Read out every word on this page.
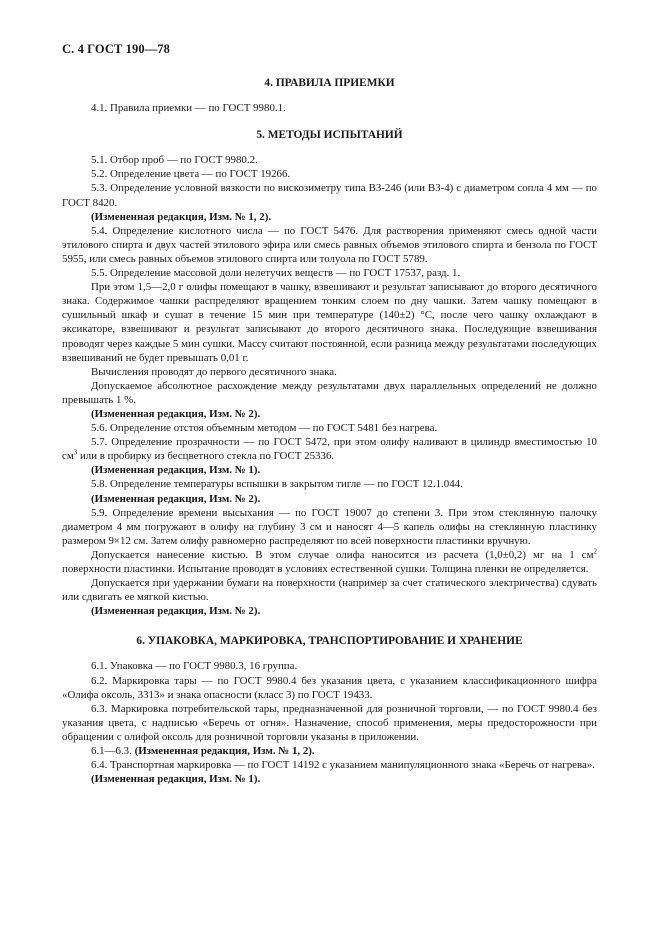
С. 4 ГОСТ 190—78

4. ПРАВИЛА ПРИЕМКИ

4.1. Правила приемки — по ГОСТ 9980.1.

5. МЕТОДЫ ИСПЫТАНИЙ

5.1. Отбор проб — по ГОСТ 9980.2.

5.2. Определение цвета — по ГОСТ 19266.

5.3. Определение условной вязкости по вискозиметру типа ВЗ-246 (или ВЗ-4) с диаметром сопла 4 мм — по ГОСТ 8420.

(Измененная редакция, Изм. № 1, 2).

5.4. Определение кислотного числа — по ГОСТ 5476. Для растворения применяют смесь одной части этилового спирта и двух частей этилового эфира или смесь равных объемов этилового спирта и бензола по ГОСТ 5955, или смесь равных объемов этилового спирта или толуола по ГОСТ 5789.

5.5. Определение массовой доли нелетучих веществ — по ГОСТ 17537, разд. 1.

При этом 1,5—2,0 г олифы помещают в чашку, взвешивают и результат записывают до второго десятичного знака. Содержимое чашки распределяют вращением тонким слоем по дну чашки. Затем чашку помещают в сушильный шкаф и сушат в течение 15 мин при температуре (140±2) °С, после чего чашку охлаждают в эксикаторе, взвешивают и результат записывают до второго десятичного знака. Последующие взвешивания проводят через каждые 5 мин сушки. Массу считают постоянной, если разница между результатами последующих взвешиваний не будет превышать 0,01 г.

Вычисления проводят до первого десятичного знака.

Допускаемое абсолютное расхождение между результатами двух параллельных определений не должно превышать 1 %.

(Измененная редакция, Изм. № 2).

5.6. Определение отстоя объемным методом — по ГОСТ 5481 без нагрева.

5.7. Определение прозрачности — по ГОСТ 5472, при этом олифу наливают в цилиндр вместимостью 10 $см^3$ или в пробирку из бесцветного стекла по ГОСТ 25336.

(Измененная редакция, Изм. № 1).

5.8. Определение температуры вспышки в закрытом тигле — по ГОСТ 12.1.044.

(Измененная редакция, Изм. № 2).

5.9. Определение времени высыхания — по ГОСТ 19007 до степени 3. При этом стеклянную палочку диаметром 4 мм погружают в олифу на глубину 3 см и наносят 4—5 капель олифы на стеклянную пластинку размером 9×12 см. Затем олифу равномерно распределяют по всей поверхности пластинки вручную.

Допускается нанесение кистью. В этом случае олифа наносится из расчета (1,0±0,2) мг на 1 $см^2$ поверхности пластинки. Испытание проводят в условиях естественной сушки. Толщина пленки не определяется.

Допускается при удержании бумаги на поверхности (например за счет статического электричества) сдувать или сдвигать ее мягкой кистью.

(Измененная редакция, Изм. № 2).

6. УПАКОВКА, МАРКИРОВКА, ТРАНСПОРТИРОВАНИЕ И ХРАНЕНИЕ

6.1. Упаковка — по ГОСТ 9980.3, 16 группа.

6.2. Маркировка тары — по ГОСТ 9980.4 без указания цвета, с указанием классификационного шифра «Олифа оксоль, 3313» и знака опасности (класс 3) по ГОСТ 19433.

6.3. Маркировка потребительской тары, предназначенной для розничной торговли, — по ГОСТ 9980.4 без указания цвета, с надписью «Беречь от огня». Назначение, способ применения, меры предосторожности при обращении с олифой оксоль для розничной торговли указаны в приложении.

6.1—6.3. (Измененная редакция, Изм. № 1, 2).

6.4. Транспортная маркировка — по ГОСТ 14192 с указанием манипуляционного знака «Беречь от нагрева».

(Измененная редакция, Изм. № 1).
